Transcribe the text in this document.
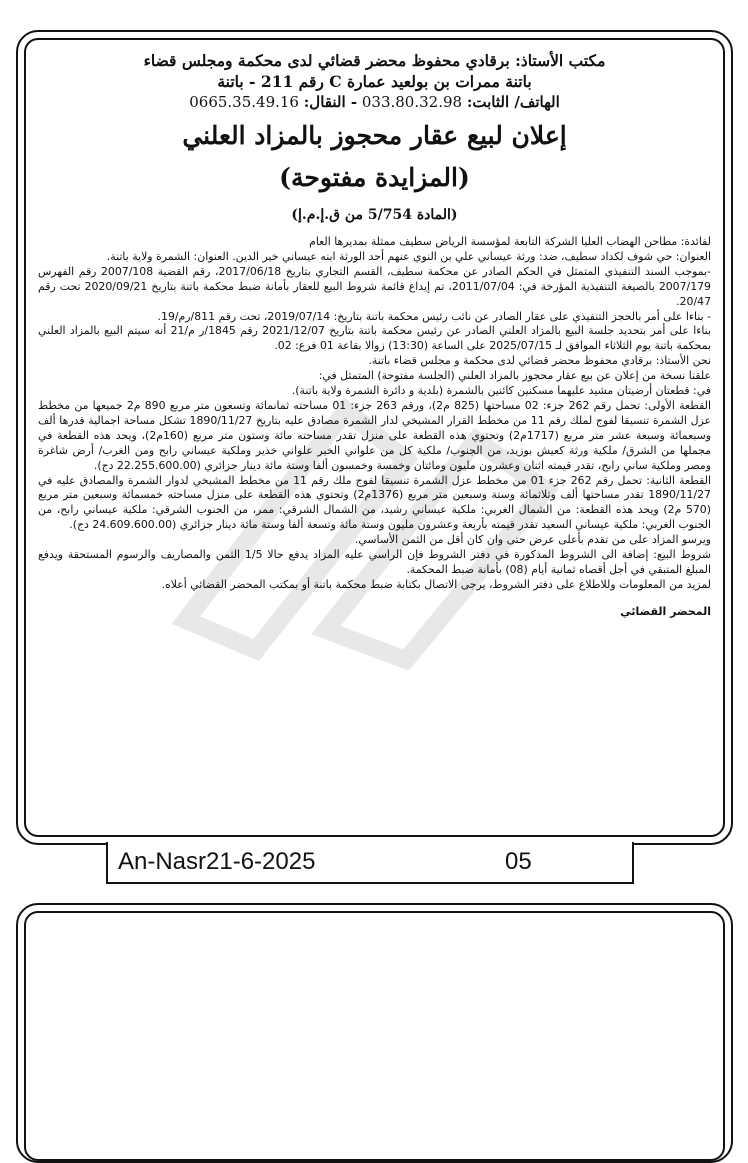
مكتب الأستاذ: برقادي محفوظ محضر قضائي لدى محكمة ومجلس قضاء

باتنة ممرات بن بولعيد عمارة C رقم 211 - باتنة

الهاتف/ الثابت: 033.80.32.98 - النقال: 0665.35.49.16

إعلان لبيع عقار محجوز بالمزاد العلني

(المزايدة مفتوحة)

(المادة 5/754 من ق.إ.م.إ)

لفائدة: مطاحن الهضاب العليا الشركة التابعة لمؤسسة الرياض سطيف ممثلة بمديرها العام

العنوان: حي شوف لكداد سطيف، ضد: ورثة عيساني علي بن النوي عنهم أحد الورثة ابنه عيساني خير الدين. العنوان: الشمرة ولاية باتنة.

-بموجب السند التنفيذي المتمثل في الحكم الصادر عن محكمة سطيف، القسم التجاري بتاريخ 2017/06/18، رقم القضية 2007/108 رقم الفهرس 2007/179 بالصيغة التنفيذية المؤرخة في: 2011/07/04، تم إيداع قائمة شروط البيع للعقار بأمانة ضبط محكمة باتنة بتاريخ 2020/09/21 تحت رقم 20/47.

- بناءا على أمر بالحجز التنفيذي على عقار الصادر عن نائب رئيس محكمة باتنة بتاريخ: 2019/07/14، تحت رقم 811/رم/19.

بناءا على أمر بتحديد جلسة البيع بالمزاد العلني الصادر عن رئيس محكمة باتنة بتاريخ 2021/12/07 رقم 1845/ر م/21 أنه سيتم البيع بالمزاد العلني بمحكمة باتنة يوم الثلاثاء الموافق لـ 2025/07/15 على الساعة (13:30) زوالا بقاعة 01 فرع: 02.

نحن الأستاذ: برقادي محفوظ محضر قضائي لدى محكمة و مجلس قضاء باتنة.

علقنا نسخة من إعلان عن بيع عقار محجوز بالمزاد العلني (الجلسة مفتوحة) المتمثل في:

في: قطعتان أرضيتان مشيد عليهما مسكنين كائنين بالشمرة (بلدية و دائرة الشمرة ولاية باتنة).

القطعة الأولى: تحمل رقم 262 جزء: 02 مساحتها (825 م2)، ورقم 263 جزء: 01 مساحته ثمانمائة وتسعون متر مربع 890 م2 جميعها من مخطط عزل الشمرة تنسيقا لفوج لملك رقم 11 من مخطط القرار المشيخي لدار الشمرة مصادق عليه بتاريخ 1890/11/27 تشكل مساحة اجمالية قدرها ألف وسبعمائة وسبعة عشر متر مربع (1717م2) وتحتوي هذه القطعة على منزل تقدر مساحته مائة وستون متر مربع (160م2)، ويحد هذه القطعة في مجملها من الشرق/ ملكية ورثة كعيش بوزيد، من الجنوب/ ملكية كل من علواني الخير علواني خذير وملكية عيساني رابح ومن الغرب/ أرض شاغرة ومصر وملكية ساني رابح، تقدر قيمته اثنان وعشرون مليون ومائتان وخمسة وخمسون ألفا وستة مائة دينار جزائري (22.255.600.00 دج).

القطعة الثانية: تحمل رقم 262 جزء 01 من مخطط عزل الشمرة تنسيقا لفوج ملك رقم 11 من مخطط المشيخي لدوار الشمرة والمصادق عليه في 1890/11/27 تقدر مساحتها ألف وثلاثمائة وستة وسبعين متر مربع (1376م2) وتحتوي هذه القطعة على منزل مساحته خمسمائة وسبعين متر مربع (570 م2) ويحد هذه القطعة: من الشمال الغربي: ملكية عيساني رشيد، من الشمال الشرقي: ممر، من الجنوب الشرقي: ملكية عيساني رابح، من الجنوب الغربي: ملكية عيساني السعيد تقدر قيمته بأربعة وعشرون مليون وستة مائة وتسعة ألفا وستة مائة دينار جزائري (24.609.600.00 دج).

ويرسو المزاد على من تقدم بأعلى عرض حتى وان كان أقل من الثمن الأساسي.

شروط البيع: إضافة الى الشروط المذكورة في دفتر الشروط فإن الراسي عليه المزاد يدفع حالا 1/5 الثمن والمصاريف والرسوم المستحقة ويدفع المبلغ المتبقي في أجل أقصاه ثمانية أيام (08) بأمانة ضبط المحكمة.

لمزيد من المعلومات وللاطلاع على دفتر الشروط، يرجى الاتصال بكتابة ضبط محكمة باتنة أو بمكتب المحضر القضائي أعلاه.

المحضر القضائي
An-Nasr21-6-2025	05
